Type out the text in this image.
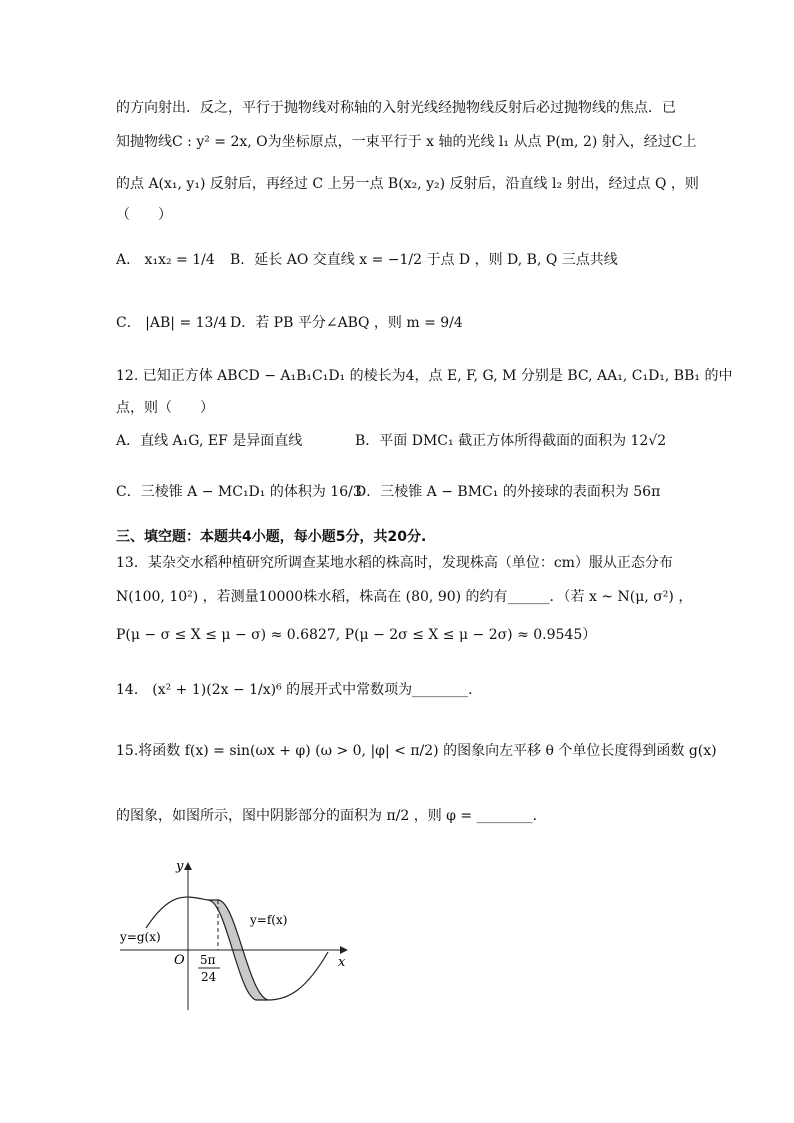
的方向射出．反之，平行于抛物线对称轴的入射光线经抛物线反射后必过抛物线的焦点．已
知抛物线C : y² = 2x, O为坐标原点，一束平行于 x 轴的光线 l₁ 从点 P(m, 2) 射入，经过C上
的点 A(x₁, y₁) 反射后，再经过 C 上另一点 B(x₂, y₂) 反射后，沿直线 l₂ 射出，经过点 Q ，则
（　　）
A． x₁x₂ = 1/4 B．延长 AO 交直线 x = −1/2 于点 D ，则 D, B, Q 三点共线
C． |AB| = 13/4 D．若 PB 平分∠ABQ ，则 m = 9/4
12. 已知正方体 ABCD − A₁B₁C₁D₁ 的棱长为4，点 E, F, G, M 分别是 BC, AA₁, C₁D₁, BB₁ 的中
点，则（　　）
A．直线 A₁G, EF 是异面直线	B．平面 DMC₁ 截正方体所得截面的面积为 12√2
C．三棱锥 A − MC₁D₁ 的体积为 16/3
D．三棱锥 A − BMC₁ 的外接球的表面积为 56π
三、填空题：本题共4小题，每小题5分，共20分.
13．某杂交水稻种植研究所调查某地水稻的株高时，发现株高（单位：cm）服从正态分布
N(100, 10²) ，若测量10000株水稻，株高在 (80, 90) 的约有______．（若 x ~ N(μ, σ²) ，
P(μ − σ ≤ X ≤ μ − σ) ≈ 0.6827, P(μ − 2σ ≤ X ≤ μ − 2σ) ≈ 0.9545）
14． (x² + 1)(2x − 1/x)⁶ 的展开式中常数项为________．
15.将函数 f(x) = sin(ωx + φ) (ω > 0, |φ| < π/2) 的图象向左平移 θ 个单位长度得到函数 g(x)
的图象，如图所示，图中阴影部分的面积为 π/2 ，则 φ = ________．
y
x
O
y=g(x)
y=f(x)
5π
24
